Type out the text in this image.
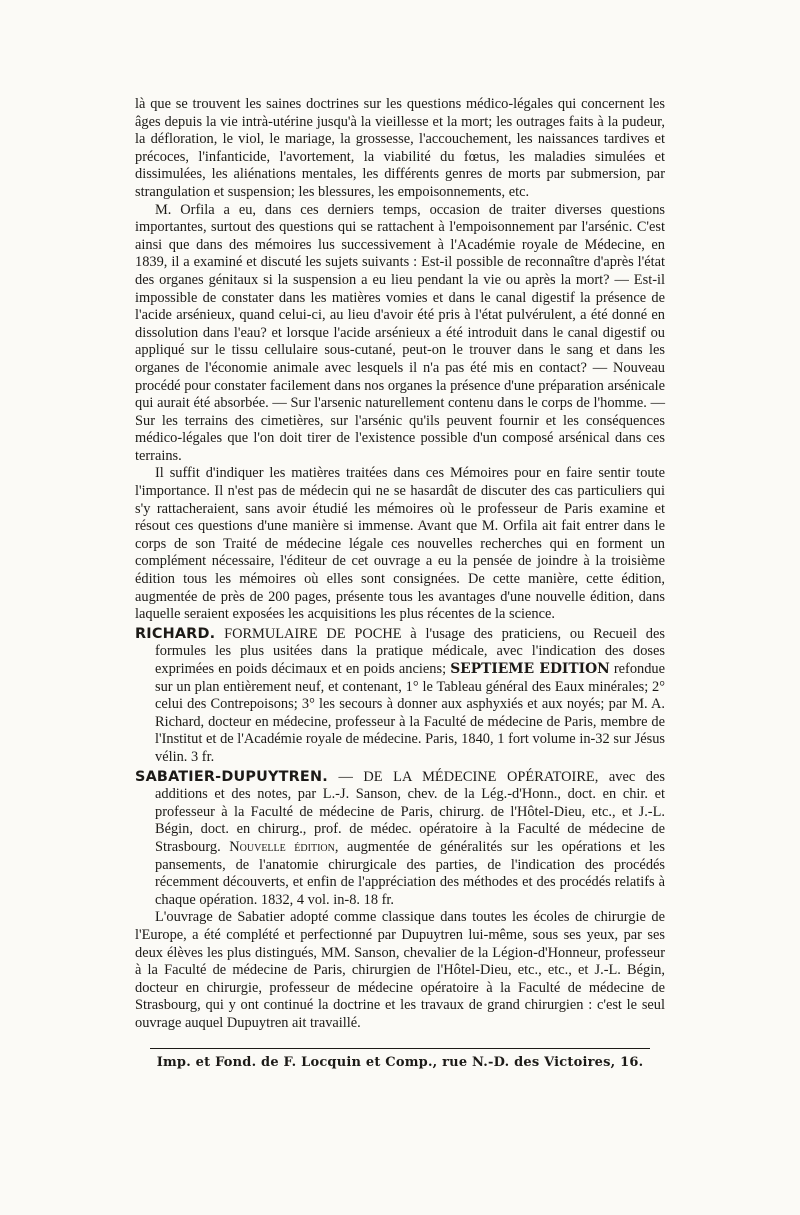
là que se trouvent les saines doctrines sur les questions médico-légales qui concernent les âges depuis la vie intrà-utérine jusqu'à la vieillesse et la mort; les outrages faits à la pudeur, la défloration, le viol, le mariage, la grossesse, l'accouchement, les naissances tardives et précoces, l'infanticide, l'avortement, la viabilité du fœtus, les maladies simulées et dissimulées, les aliénations mentales, les différents genres de morts par submersion, par strangulation et suspension; les blessures, les empoisonnements, etc.

M. Orfila a eu, dans ces derniers temps, occasion de traiter diverses questions importantes, surtout des questions qui se rattachent à l'empoisonnement par l'arsénic. C'est ainsi que dans des mémoires lus successivement à l'Académie royale de Médecine, en 1839, il a examiné et discuté les sujets suivants : Est-il possible de reconnaître d'après l'état des organes génitaux si la suspension a eu lieu pendant la vie ou après la mort? — Est-il impossible de constater dans les matières vomies et dans le canal digestif la présence de l'acide arsénieux, quand celui-ci, au lieu d'avoir été pris à l'état pulvérulent, a été donné en dissolution dans l'eau? et lorsque l'acide arsénieux a été introduit dans le canal digestif ou appliqué sur le tissu cellulaire sous-cutané, peut-on le trouver dans le sang et dans les organes de l'économie animale avec lesquels il n'a pas été mis en contact? — Nouveau procédé pour constater facilement dans nos organes la présence d'une préparation arsénicale qui aurait été absorbée. — Sur l'arsenic naturellement contenu dans le corps de l'homme. — Sur les terrains des cimetières, sur l'arsénic qu'ils peuvent fournir et les conséquences médico-légales que l'on doit tirer de l'existence possible d'un composé arsénical dans ces terrains.

Il suffit d'indiquer les matières traitées dans ces Mémoires pour en faire sentir toute l'importance. Il n'est pas de médecin qui ne se hasardât de discuter des cas particuliers qui s'y rattacheraient, sans avoir étudié les mémoires où le professeur de Paris examine et résout ces questions d'une manière si immense. Avant que M. Orfila ait fait entrer dans le corps de son Traité de médecine légale ces nouvelles recherches qui en forment un complément nécessaire, l'éditeur de cet ouvrage a eu la pensée de joindre à la troisième édition tous les mémoires où elles sont consignées. De cette manière, cette édition, augmentée de près de 200 pages, présente tous les avantages d'une nouvelle édition, dans laquelle seraient exposées les acquisitions les plus récentes de la science.

RICHARD. FORMULAIRE DE POCHE à l'usage des praticiens, ou Recueil des formules les plus usitées dans la pratique médicale, avec l'indication des doses exprimées en poids décimaux et en poids anciens; SEPTIEME EDITION refondue sur un plan entièrement neuf, et contenant, 1° le Tableau général des Eaux minérales; 2° celui des Contrepoisons; 3° les secours à donner aux asphyxiés et aux noyés; par M. A. Richard, docteur en médecine, professeur à la Faculté de médecine de Paris, membre de l'Institut et de l'Académie royale de médecine. Paris, 1840, 1 fort volume in-32 sur Jésus vélin. 3 fr.

SABATIER-DUPUYTREN. — DE LA MÉDECINE OPÉRATOIRE, avec des additions et des notes, par L.-J. Sanson, chev. de la Lég.-d'Honn., doct. en chir. et professeur à la Faculté de médecine de Paris, chirurg. de l'Hôtel-Dieu, etc., et J.-L. Bégin, doct. en chirurg., prof. de médec. opératoire à la Faculté de médecine de Strasbourg. Nouvelle édition, augmentée de généralités sur les opérations et les pansements, de l'anatomie chirurgicale des parties, de l'indication des procédés récemment découverts, et enfin de l'appréciation des méthodes et des procédés relatifs à chaque opération. 1832, 4 vol. in-8. 18 fr.

L'ouvrage de Sabatier adopté comme classique dans toutes les écoles de chirurgie de l'Europe, a été complété et perfectionné par Dupuytren lui-même, sous ses yeux, par ses deux élèves les plus distingués, MM. Sanson, chevalier de la Légion-d'Honneur, professeur à la Faculté de médecine de Paris, chirurgien de l'Hôtel-Dieu, etc., etc., et J.-L. Bégin, docteur en chirurgie, professeur de médecine opératoire à la Faculté de médecine de Strasbourg, qui y ont continué la doctrine et les travaux de grand chirurgien : c'est le seul ouvrage auquel Dupuytren ait travaillé.

Imp. et Fond. de F. Locquin et Comp., rue N.-D. des Victoires, 16.
